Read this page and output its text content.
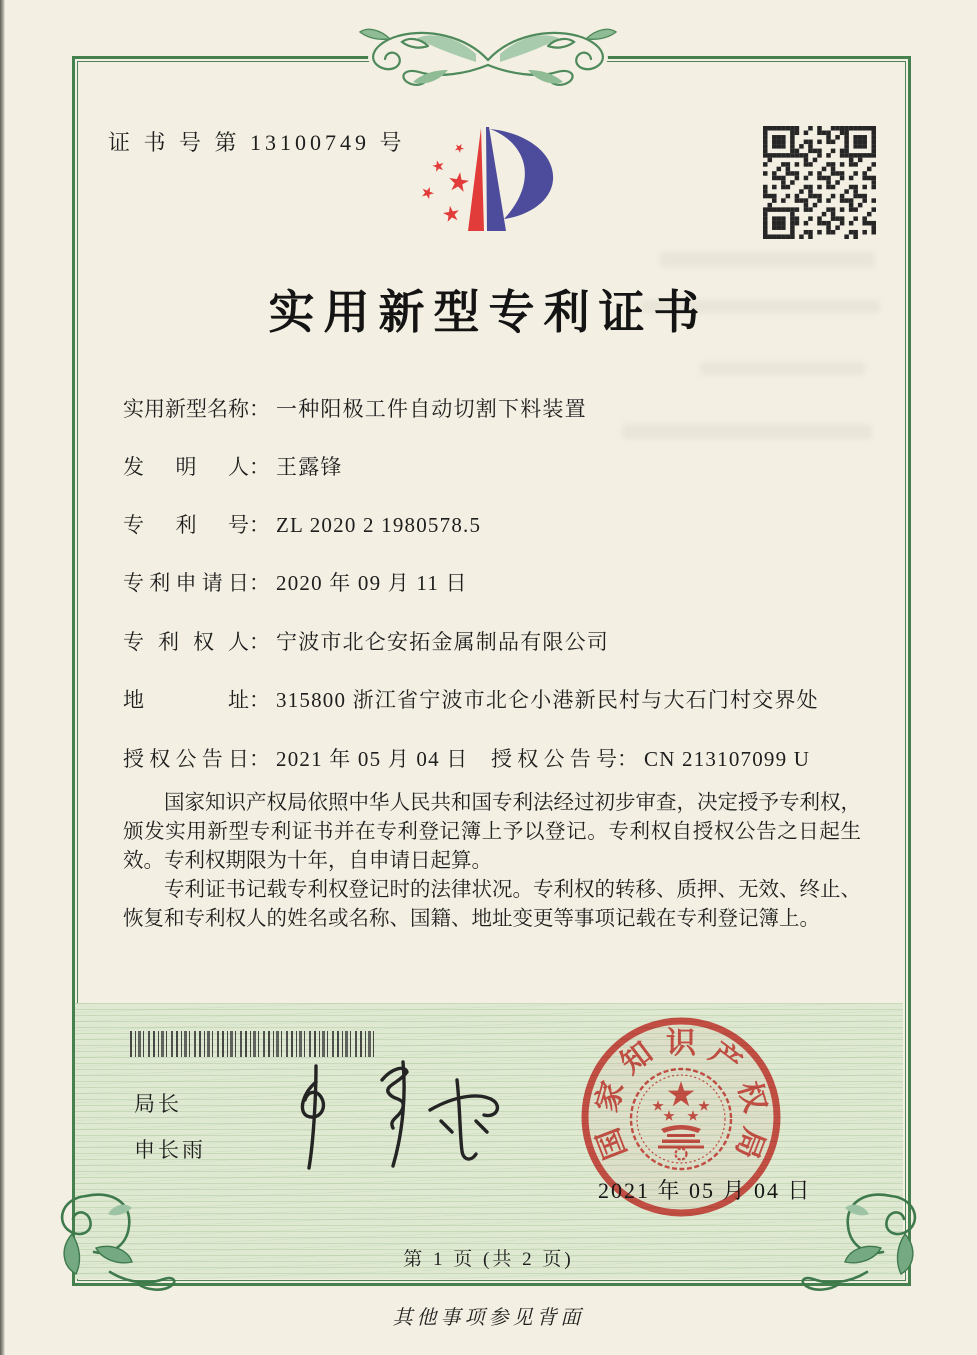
证 书 号 第 13100749 号	★
★
★
★
★
实用新型专利证书
实用新型名称： 一种阳极工件自动切割下料装置
发明人： 王露锋
专利号： ZL 2020 2 1980578.5
专利申请日： 2020 年 09 月 11 日
专利权人： 宁波市北仑安拓金属制品有限公司
地址： 315800 浙江省宁波市北仑小港新民村与大石门村交界处
授权公告日： 2021 年 05 月 04 日 授权公告号： CN 213107099 U

国家知识产权局依照中华人民共和国专利法经过初步审查，决定授予专利权，颁发实用新型专利证书并在专利登记簿上予以登记。专利权自授权公告之日起生效。专利权期限为十年，自申请日起算。

专利证书记载专利权登记时的法律状况。专利权的转移、质押、无效、终止、恢复和专利权人的姓名或名称、国籍、地址变更等事项记载在专利登记簿上。

局长
申长雨	国
家
知 识 产
权
局
2021 年 05 月 04 日
第 1 页 (共 2 页)
其他事项参见背面
